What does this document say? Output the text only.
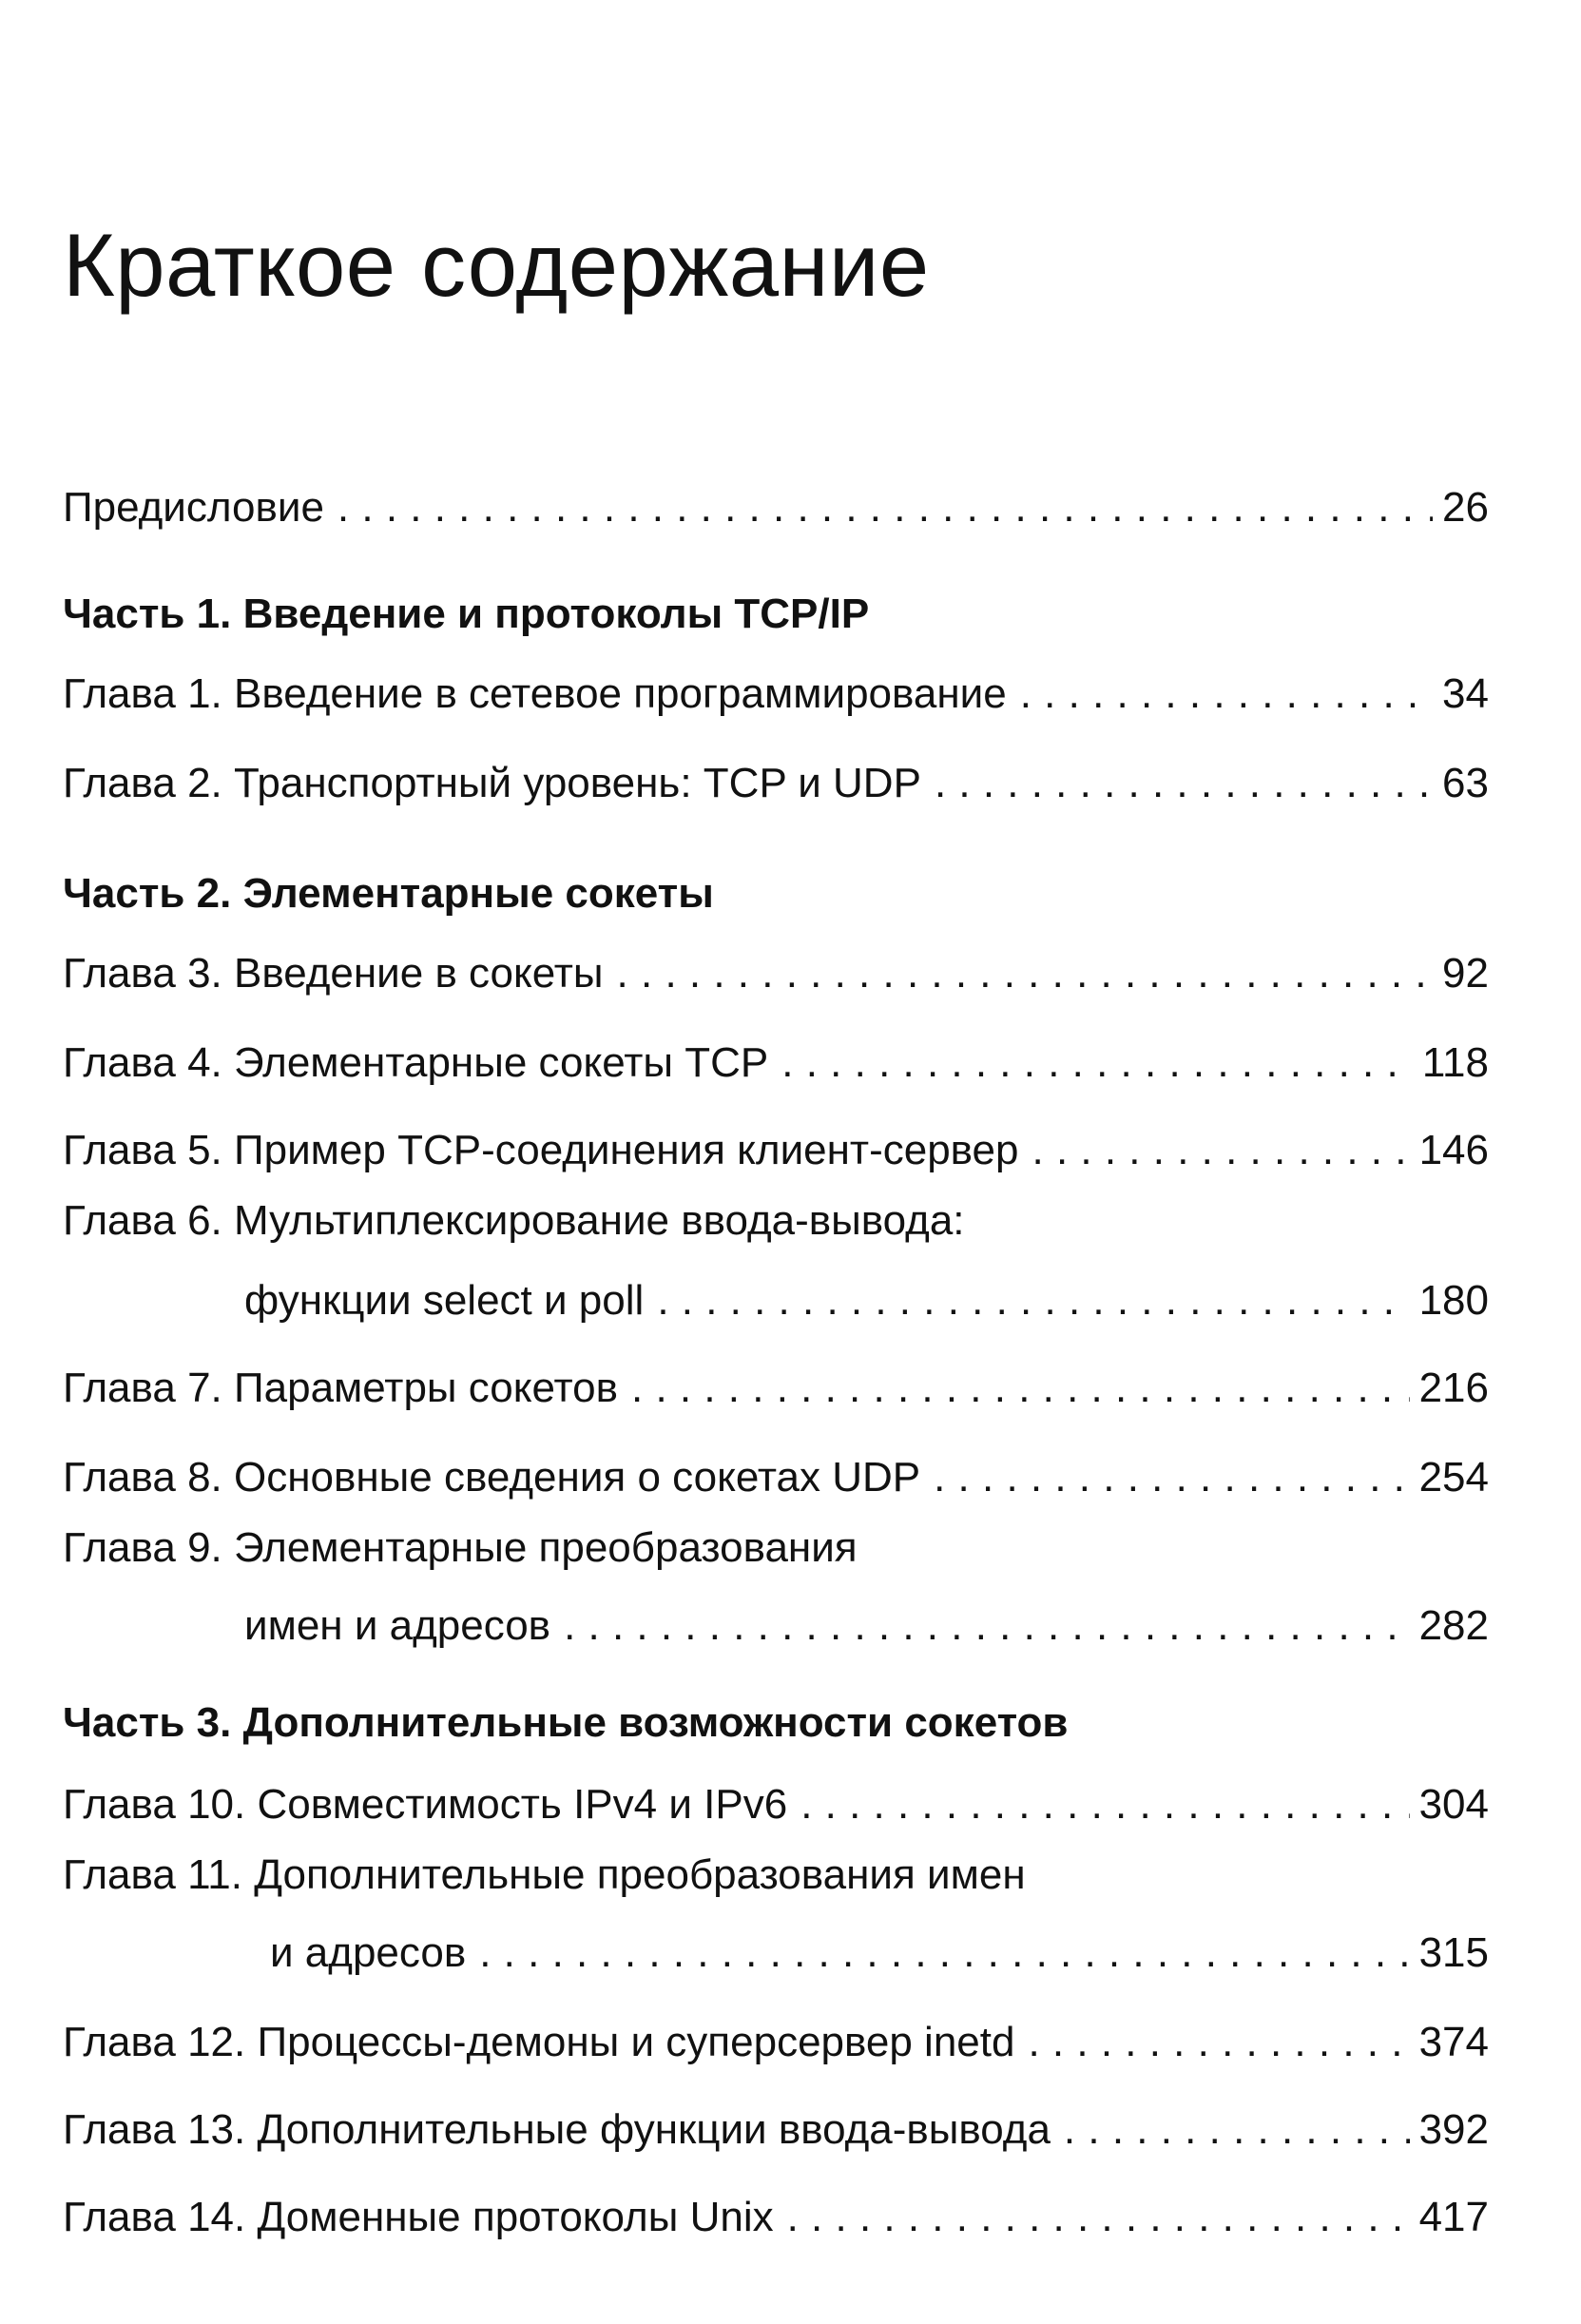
Краткое содержание
Предисловие . . .	26
Часть 1. Введение и протоколы TCP/IP
Глава 1. Введение в сетевое программирование . . .	34
Глава 2. Транспортный уровень: TCP и UDP . . .	63
Часть 2. Элементарные сокеты
Глава 3. Введение в сокеты . . .	92
Глава 4. Элементарные сокеты TCP . . .	118
Глава 5. Пример TCP-соединения клиент-сервер . . .	146
Глава 6. Мультиплексирование ввода-вывода:
функции select и poll . . .	180
Глава 7. Параметры сокетов . . .	216
Глава 8. Основные сведения о сокетах UDP . . .	254
Глава 9. Элементарные преобразования
имен и адресов . . .	282
Часть 3. Дополнительные возможности сокетов
Глава 10. Совместимость IPv4 и IPv6 . . .	304
Глава 11. Дополнительные преобразования имен
и адресов . . .	315
Глава 12. Процессы-демоны и суперсервер inetd . . .	374
Глава 13. Дополнительные функции ввода-вывода . . .	392
Глава 14. Доменные протоколы Unix . . .	417
